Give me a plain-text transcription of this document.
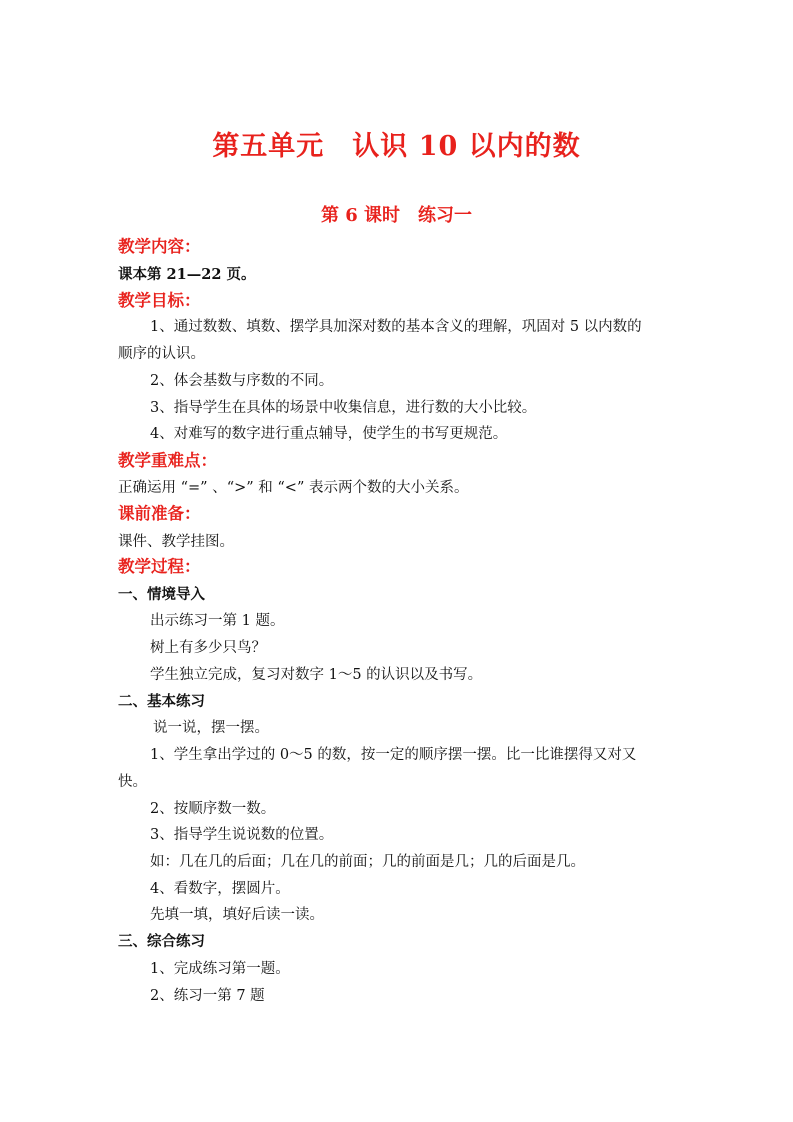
第五单元　认识 10 以内的数
第 6 课时　练习一
教学内容：
课本第 21—22 页。
教学目标：
1、通过数数、填数、摆学具加深对数的基本含义的理解，巩固对 5 以内数的
顺序的认识。
2、体会基数与序数的不同。
3、指导学生在具体的场景中收集信息，进行数的大小比较。
4、对难写的数字进行重点辅导，使学生的书写更规范。
教学重难点：
正确运用 “=” 、“>” 和 “<” 表示两个数的大小关系。
课前准备：
课件、教学挂图。
教学过程：
一、情境导入
出示练习一第 1 题。
树上有多少只鸟？
学生独立完成，复习对数字 1～5 的认识以及书写。
二、基本练习
说一说，摆一摆。
1、学生拿出学过的 0～5 的数，按一定的顺序摆一摆。比一比谁摆得又对又
快。
2、按顺序数一数。
3、指导学生说说数的位置。
如：几在几的后面；几在几的前面；几的前面是几；几的后面是几。
4、看数字，摆圆片。
先填一填，填好后读一读。
三、综合练习
1、完成练习第一题。
2、练习一第 7 题
